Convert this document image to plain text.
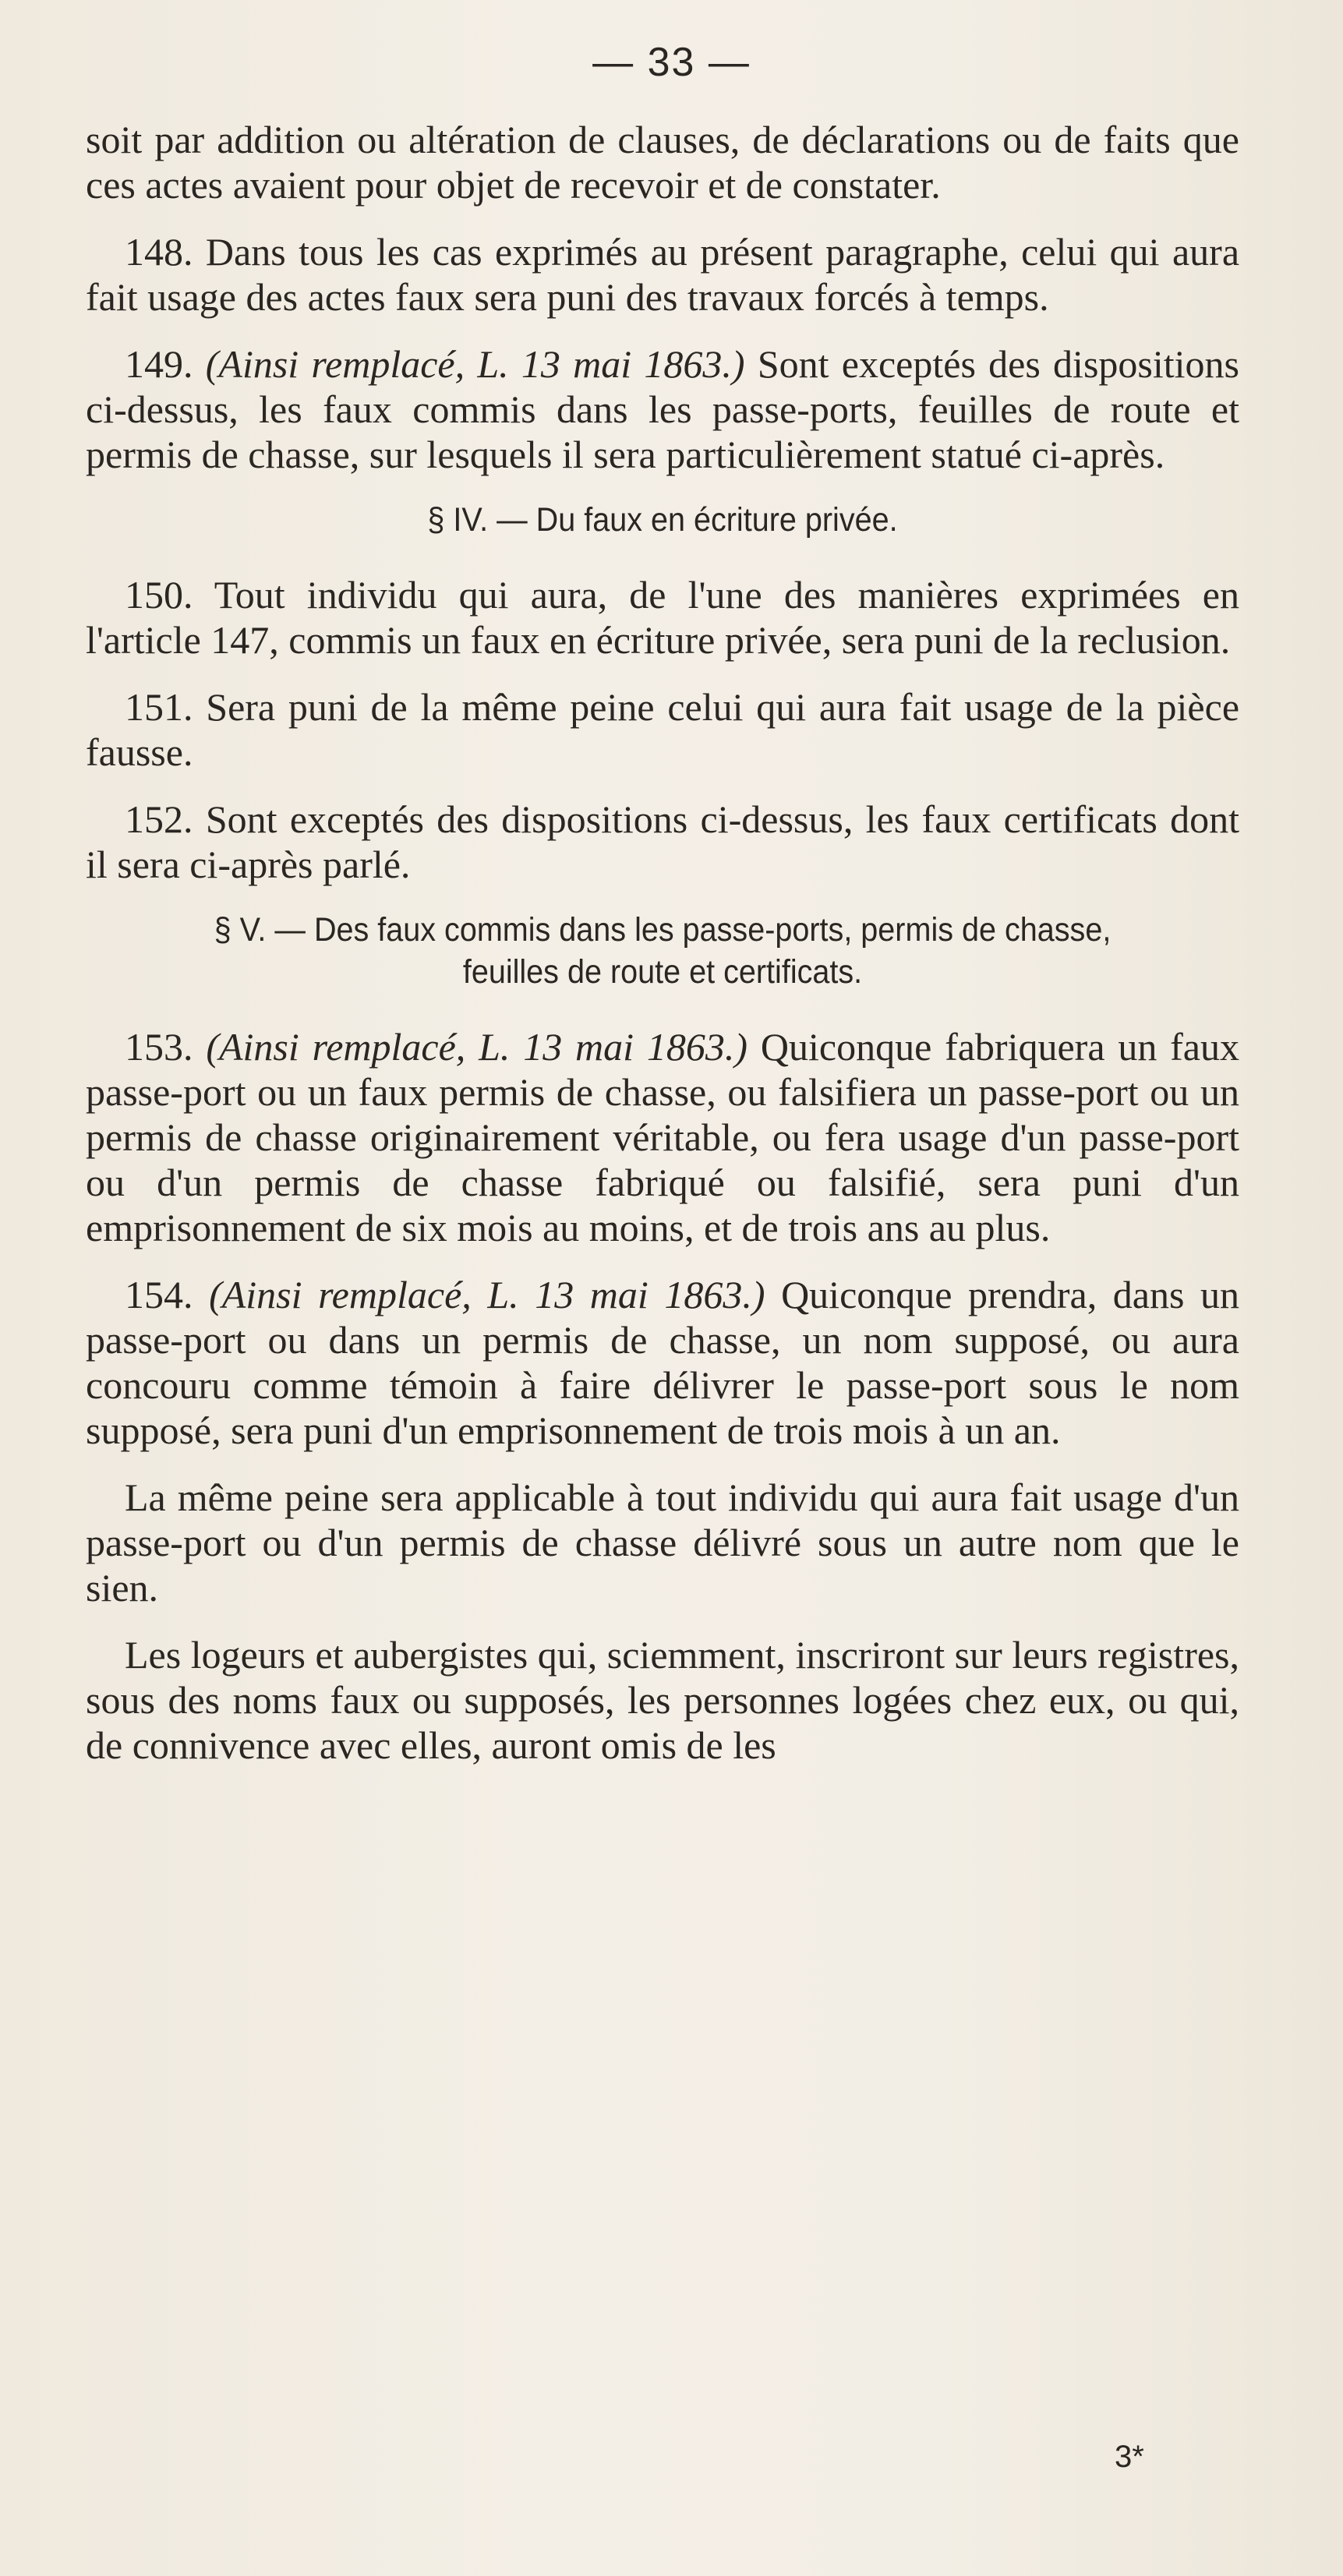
— 33 —

soit par addition ou altération de clauses, de déclarations ou de faits que ces actes avaient pour objet de recevoir et de constater.

148. Dans tous les cas exprimés au présent paragraphe, celui qui aura fait usage des actes faux sera puni des travaux forcés à temps.

149. (Ainsi remplacé, L. 13 mai 1863.) Sont exceptés des dispositions ci-dessus, les faux commis dans les passe-ports, feuilles de route et permis de chasse, sur lesquels il sera particulièrement statué ci-après.

§ IV. — Du faux en écriture privée.

150. Tout individu qui aura, de l'une des manières exprimées en l'article 147, commis un faux en écriture privée, sera puni de la reclusion.

151. Sera puni de la même peine celui qui aura fait usage de la pièce fausse.

152. Sont exceptés des dispositions ci-dessus, les faux certificats dont il sera ci-après parlé.

§ V. — Des faux commis dans les passe-ports, permis de chasse,
feuilles de route et certificats.

153. (Ainsi remplacé, L. 13 mai 1863.) Quiconque fabriquera un faux passe-port ou un faux permis de chasse, ou falsifiera un passe-port ou un permis de chasse originairement véritable, ou fera usage d'un passe-port ou d'un permis de chasse fabriqué ou falsifié, sera puni d'un emprisonnement de six mois au moins, et de trois ans au plus.

154. (Ainsi remplacé, L. 13 mai 1863.) Quiconque prendra, dans un passe-port ou dans un permis de chasse, un nom supposé, ou aura concouru comme témoin à faire délivrer le passe-port sous le nom supposé, sera puni d'un emprisonnement de trois mois à un an.

La même peine sera applicable à tout individu qui aura fait usage d'un passe-port ou d'un permis de chasse délivré sous un autre nom que le sien.

Les logeurs et aubergistes qui, sciemment, inscriront sur leurs registres, sous des noms faux ou supposés, les personnes logées chez eux, ou qui, de connivence avec elles, auront omis de les

3*
